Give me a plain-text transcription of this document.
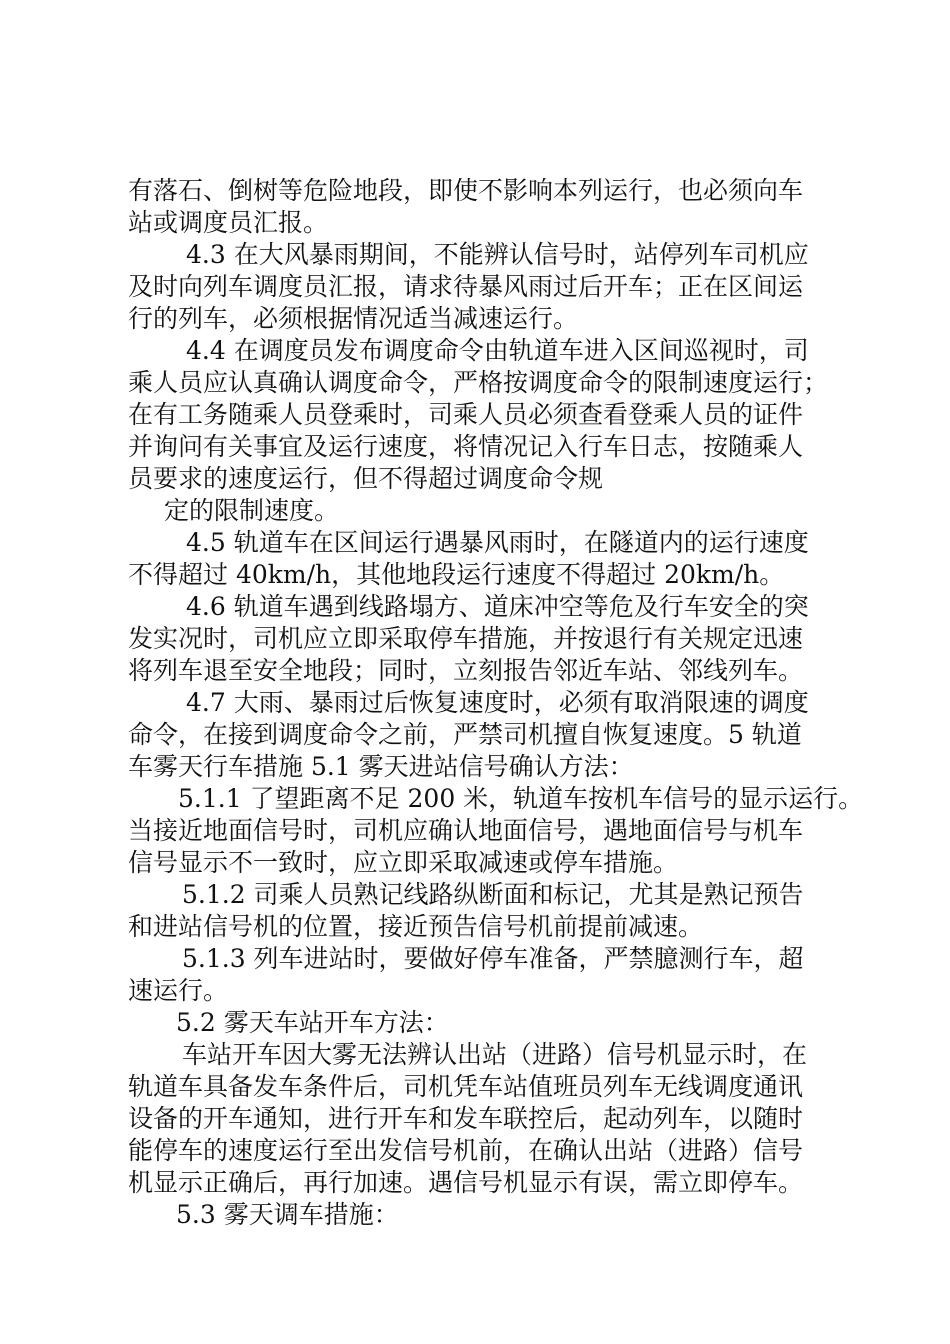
有落石、倒树等危险地段，即使不影响本列运行，也必须向车
站或调度员汇报。
4.3 在大风暴雨期间，不能辨认信号时，站停列车司机应
及时向列车调度员汇报，请求待暴风雨过后开车；正在区间运
行的列车，必须根据情况适当减速运行。
4.4 在调度员发布调度命令由轨道车进入区间巡视时，司
乘人员应认真确认调度命令，严格按调度命令的限制速度运行；
在有工务随乘人员登乘时，司乘人员必须查看登乘人员的证件
并询问有关事宜及运行速度，将情况记入行车日志，按随乘人
员要求的速度运行，但不得超过调度命令规
定的限制速度。
4.5 轨道车在区间运行遇暴风雨时，在隧道内的运行速度
不得超过 40km/h，其他地段运行速度不得超过 20km/h。
4.6 轨道车遇到线路塌方、道床冲空等危及行车安全的突
发实况时，司机应立即采取停车措施，并按退行有关规定迅速
将列车退至安全地段；同时，立刻报告邻近车站、邻线列车。
4.7 大雨、暴雨过后恢复速度时，必须有取消限速的调度
命令，在接到调度命令之前，严禁司机擅自恢复速度。5 轨道
车雾天行车措施 5.1 雾天进站信号确认方法：
5.1.1 了望距离不足 200 米，轨道车按机车信号的显示运行。
当接近地面信号时，司机应确认地面信号，遇地面信号与机车
信号显示不一致时，应立即采取减速或停车措施。
5.1.2 司乘人员熟记线路纵断面和标记，尤其是熟记预告
和进站信号机的位置，接近预告信号机前提前减速。
5.1.3 列车进站时，要做好停车准备，严禁臆测行车，超
速运行。
5.2 雾天车站开车方法：
车站开车因大雾无法辨认出站（进路）信号机显示时，在
轨道车具备发车条件后，司机凭车站值班员列车无线调度通讯
设备的开车通知，进行开车和发车联控后，起动列车，以随时
能停车的速度运行至出发信号机前，在确认出站（进路）信号
机显示正确后，再行加速。遇信号机显示有误，需立即停车。
5.3 雾天调车措施：
